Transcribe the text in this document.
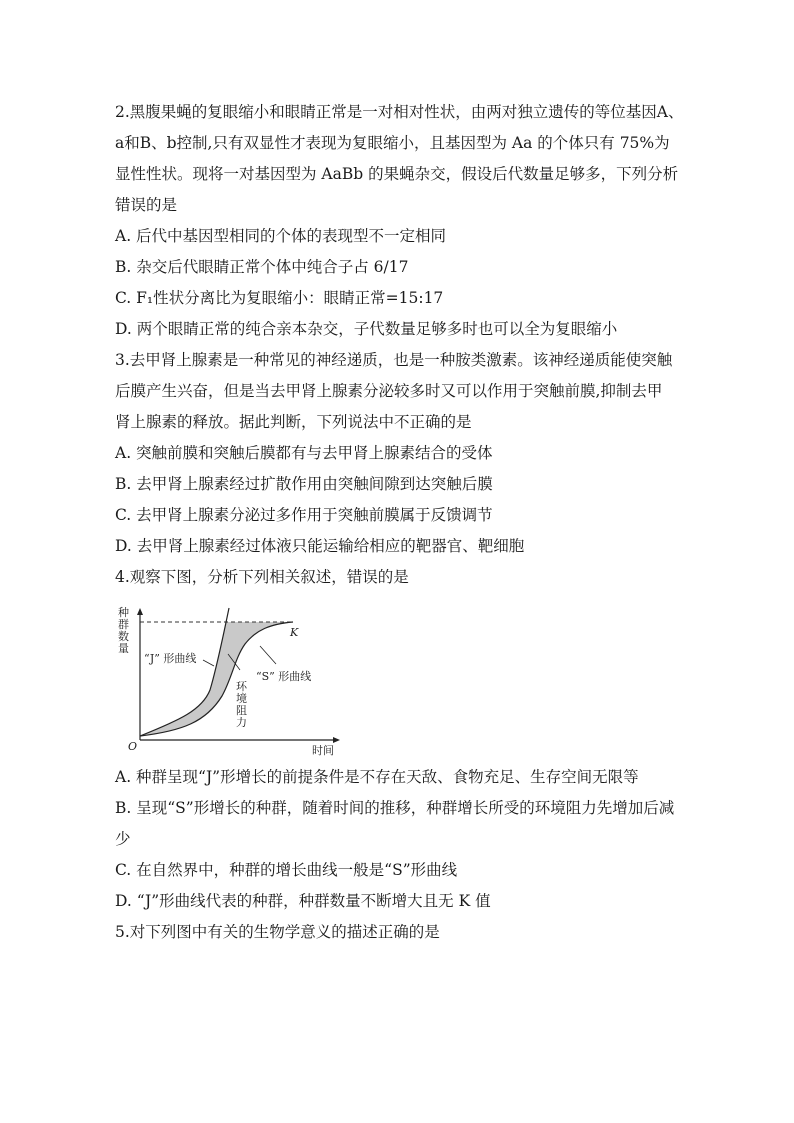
2.黑腹果蝇的复眼缩小和眼睛正常是一对相对性状，由两对独立遗传的等位基因A、
a和B、b控制,只有双显性才表现为复眼缩小，且基因型为 Aa 的个体只有 75%为
显性性状。现将一对基因型为 AaBb 的果蝇杂交，假设后代数量足够多，下列分析
错误的是
A. 后代中基因型相同的个体的表现型不一定相同
B. 杂交后代眼睛正常个体中纯合子占 6/17
C. F₁性状分离比为复眼缩小：眼睛正常=15:17
D. 两个眼睛正常的纯合亲本杂交，子代数量足够多时也可以全为复眼缩小
3.去甲肾上腺素是一种常见的神经递质，也是一种胺类激素。该神经递质能使突触
后膜产生兴奋，但是当去甲肾上腺素分泌较多时又可以作用于突触前膜,抑制去甲
肾上腺素的释放。据此判断，下列说法中不正确的是
A. 突触前膜和突触后膜都有与去甲肾上腺素结合的受体
B. 去甲肾上腺素经过扩散作用由突触间隙到达突触后膜
C. 去甲肾上腺素分泌过多作用于突触前膜属于反馈调节
D. 去甲肾上腺素经过体液只能运输给相应的靶器官、靶细胞
4.观察下图，分析下列相关叙述，错误的是
种
群
数
量
时间
O
K
“J” 形曲线
“S” 形曲线
环
境
阻
力
A. 种群呈现“J”形增长的前提条件是不存在天敌、食物充足、生存空间无限等
B. 呈现“S”形增长的种群，随着时间的推移，种群增长所受的环境阻力先增加后减
少
C. 在自然界中，种群的增长曲线一般是“S”形曲线
D. “J”形曲线代表的种群，种群数量不断增大且无 K 值
5.对下列图中有关的生物学意义的描述正确的是
